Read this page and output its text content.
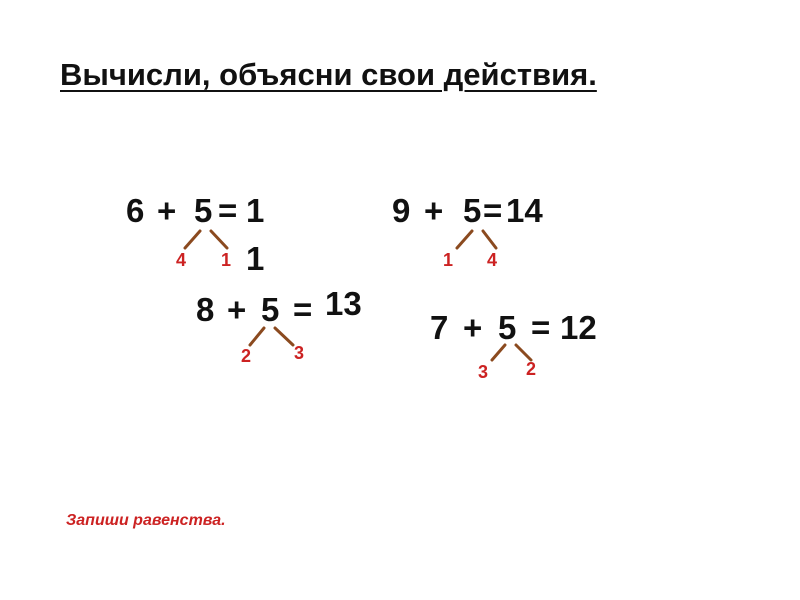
Вычисли, объясни свои действия.
6 + 5 = 1
1
4 1
9 + 5 = 14
1 4
8 + 5 = 13
2 3
7 + 5 = 12
3 2
Запиши равенства.
